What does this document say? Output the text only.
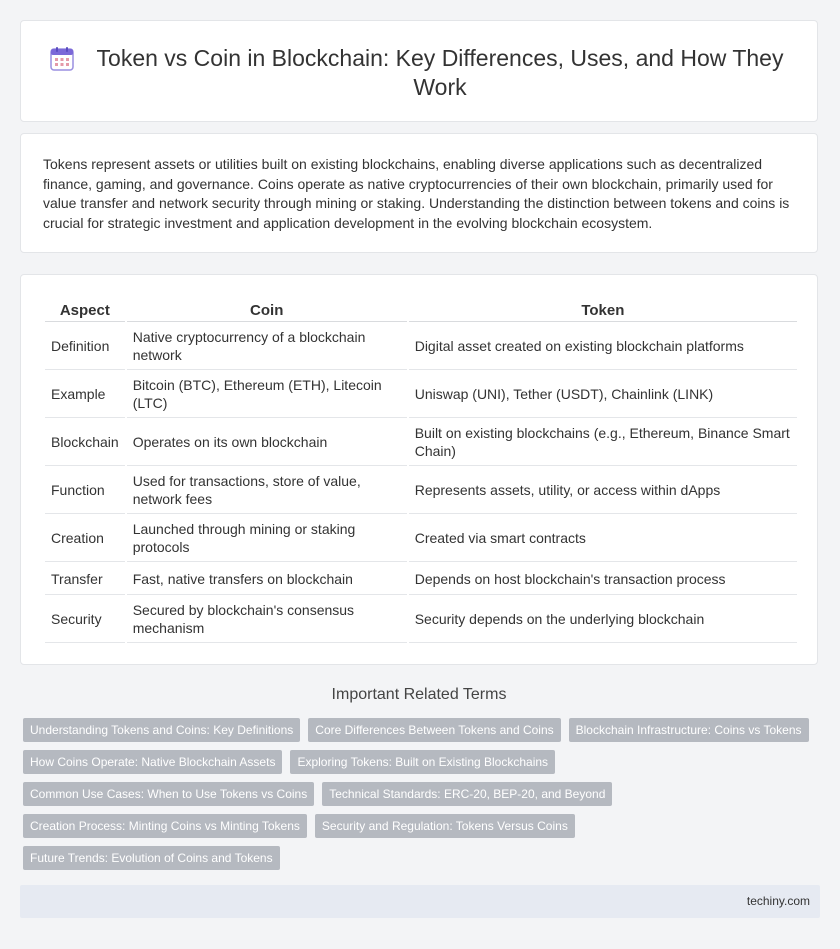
Token vs Coin in Blockchain: Key Differences, Uses, and How They Work

Tokens represent assets or utilities built on existing blockchains, enabling diverse applications such as decentralized finance, gaming, and governance. Coins operate as native cryptocurrencies of their own blockchain, primarily used for value transfer and network security through mining or staking. Understanding the distinction between tokens and coins is crucial for strategic investment and application development in the evolving blockchain ecosystem.

Aspect	Coin	Token
Definition	Native cryptocurrency of a blockchain network	Digital asset created on existing blockchain platforms
Example	Bitcoin (BTC), Ethereum (ETH), Litecoin (LTC)	Uniswap (UNI), Tether (USDT), Chainlink (LINK)
Blockchain	Operates on its own blockchain	Built on existing blockchains (e.g., Ethereum, Binance Smart Chain)
Function	Used for transactions, store of value, network fees	Represents assets, utility, or access within dApps
Creation	Launched through mining or staking protocols	Created via smart contracts
Transfer	Fast, native transfers on blockchain	Depends on host blockchain's transaction process
Security	Secured by blockchain's consensus mechanism	Security depends on the underlying blockchain
Important Related Terms
Understanding Tokens and Coins: Key Definitions	Core Differences Between Tokens and Coins	Blockchain Infrastructure: Coins vs Tokens
How Coins Operate: Native Blockchain Assets	Exploring Tokens: Built on Existing Blockchains
Common Use Cases: When to Use Tokens vs Coins	Technical Standards: ERC-20, BEP-20, and Beyond
Creation Process: Minting Coins vs Minting Tokens	Security and Regulation: Tokens Versus Coins
Future Trends: Evolution of Coins and Tokens
techiny.com
